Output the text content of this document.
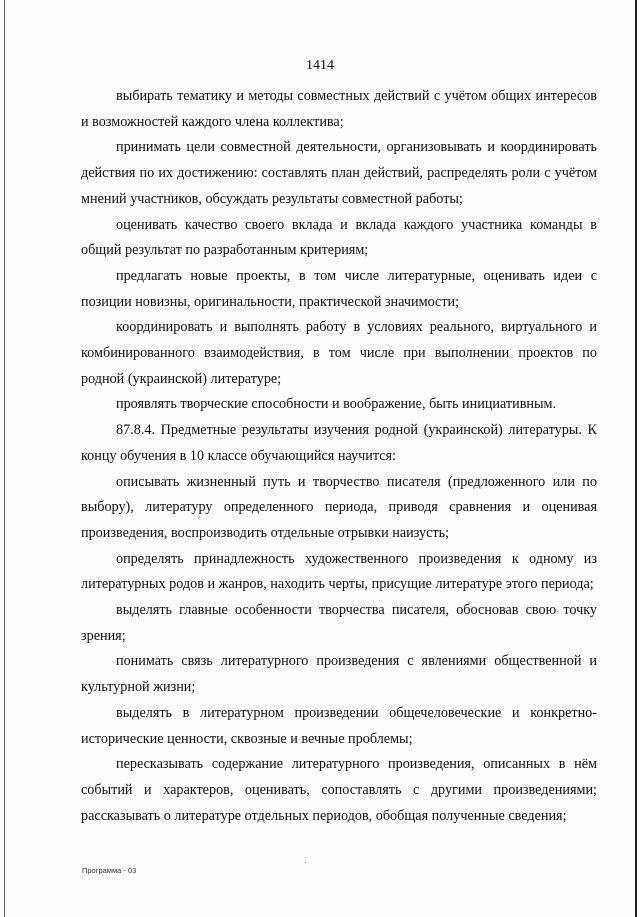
1414

выбирать тематику и методы совместных действий с учётом общих интересов и возможностей каждого члена коллектива;

принимать цели совместной деятельности, организовывать и координировать действия по их достижению: составлять план действий, распределять роли с учётом мнений участников, обсуждать результаты совместной работы;

оценивать качество своего вклада и вклада каждого участника команды в общий результат по разработанным критериям;

предлагать новые проекты, в том числе литературные, оценивать идеи с позиции новизны, оригинальности, практической значимости;

координировать и выполнять работу в условиях реального, виртуального и комбинированного взаимодействия, в том числе при выполнении проектов по родной (украинской) литературе;

проявлять творческие способности и воображение, быть инициативным.

87.8.4. Предметные результаты изучения родной (украинской) литературы. К концу обучения в 10 классе обучающийся научится:

описывать жизненный путь и творчество писателя (предложенного или по выбору), литературу определенного периода, приводя сравнения и оценивая произведения, воспроизводить отдельные отрывки наизусть;

определять принадлежность художественного произведения к одному из литературных родов и жанров, находить черты, присущие литературе этого периода;

выделять главные особенности творчества писателя, обосновав свою точку зрения;

понимать связь литературного произведения с явлениями общественной и культурной жизни;

выделять в литературном произведении общечеловеческие и конкретно-исторические ценности, сквозные и вечные проблемы;

пересказывать содержание литературного произведения, описанных в нём событий и характеров, оценивать, сопоставлять с другими произведениями; рассказывать о литературе отдельных периодов, обобщая полученные сведения;

Программа - 03
